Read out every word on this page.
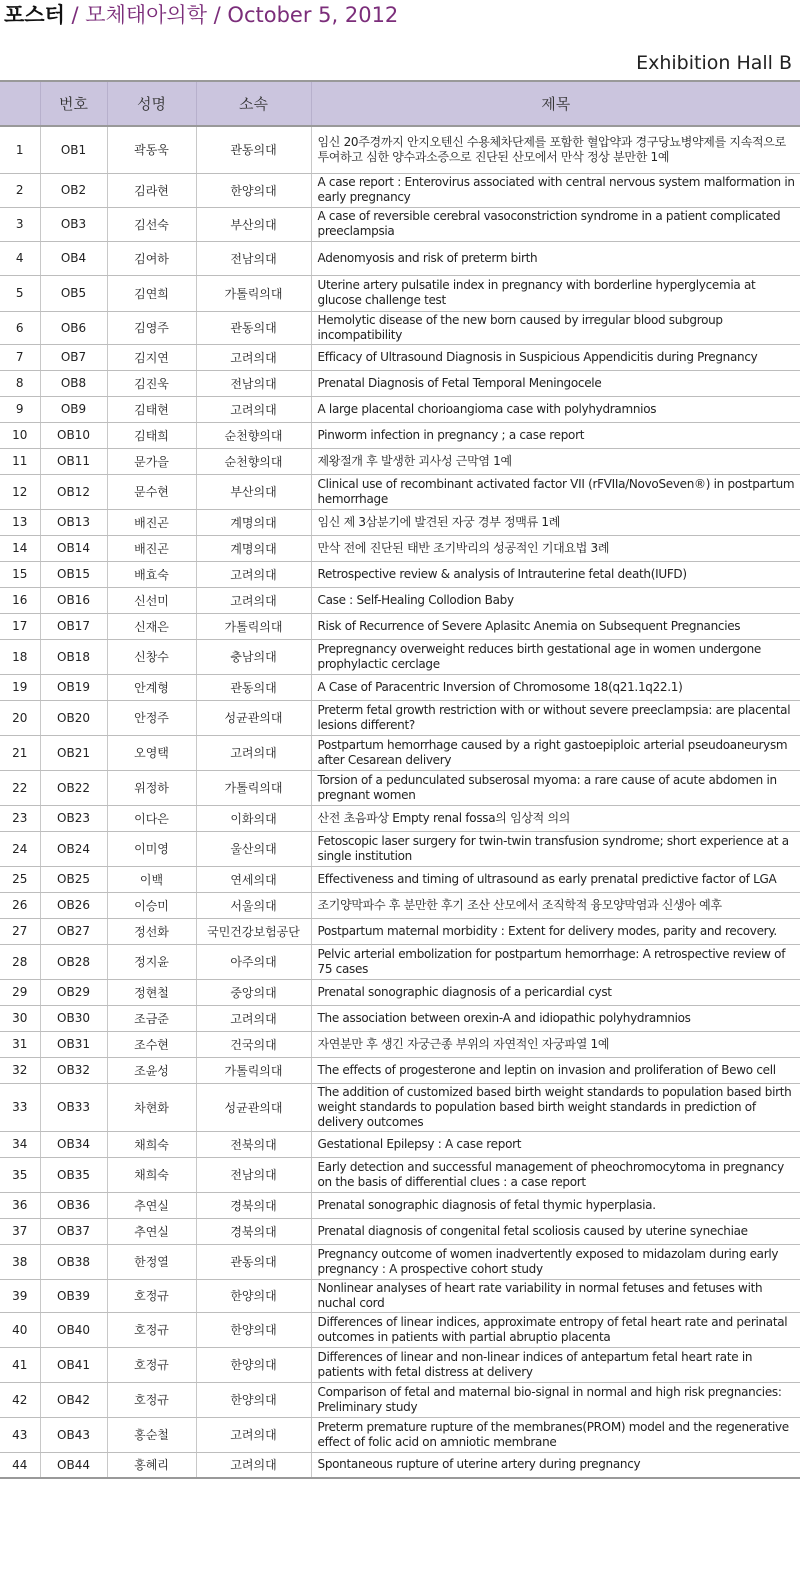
포스터 / 모체태아의학 / October 5, 2012
Exhibition Hall B
	번호	성명	소속	제목
1	OB1	곽동욱	관동의대	임신 20주경까지 안지오텐신 수용체차단제를 포함한 혈압약과 경구당뇨병약제를 지속적으로 투여하고 심한 양수과소증으로 진단된 산모에서 만삭 정상 분만한 1예
2	OB2	김라현	한양의대	A case report : Enterovirus associated with central nervous system malformation in early pregnancy
3	OB3	김선숙	부산의대	A case of reversible cerebral vasoconstriction syndrome in a patient complicated preeclampsia
4	OB4	김여하	전남의대	Adenomyosis and risk of preterm birth
5	OB5	김연희	가톨릭의대	Uterine artery pulsatile index in pregnancy with borderline hyperglycemia at glucose challenge test
6	OB6	김영주	관동의대	Hemolytic disease of the new born caused by irregular blood subgroup incompatibility
7	OB7	김지연	고려의대	Efficacy of Ultrasound Diagnosis in Suspicious Appendicitis during Pregnancy
8	OB8	김진욱	전남의대	Prenatal Diagnosis of Fetal Temporal Meningocele
9	OB9	김태현	고려의대	A large placental chorioangioma case with polyhydramnios
10	OB10	김태희	순천향의대	Pinworm infection in pregnancy ; a case report
11	OB11	문가을	순천향의대	제왕절개 후 발생한 괴사성 근막염 1예
12	OB12	문수현	부산의대	Clinical use of recombinant activated factor VII (rFVIIa/NovoSeven®) in postpartum hemorrhage
13	OB13	배진곤	계명의대	임신 제 3삼분기에 발견된 자궁 경부 정맥류 1례
14	OB14	배진곤	계명의대	만삭 전에 진단된 태반 조기박리의 성공적인 기대요법 3례
15	OB15	배효숙	고려의대	Retrospective review & analysis of Intrauterine fetal death(IUFD)
16	OB16	신선미	고려의대	Case : Self-Healing Collodion Baby
17	OB17	신재은	가톨릭의대	Risk of Recurrence of Severe Aplasitc Anemia on Subsequent Pregnancies
18	OB18	신창수	충남의대	Prepregnancy overweight reduces birth gestational age in women undergone prophylactic cerclage
19	OB19	안계형	관동의대	A Case of Paracentric Inversion of Chromosome 18(q21.1q22.1)
20	OB20	안정주	성균관의대	Preterm fetal growth restriction with or without severe preeclampsia: are placental lesions different?
21	OB21	오영택	고려의대	Postpartum hemorrhage caused by a right gastoepiploic arterial pseudoaneurysm after Cesarean delivery
22	OB22	위정하	가톨릭의대	Torsion of a pedunculated subserosal myoma: a rare cause of acute abdomen in pregnant women
23	OB23	이다은	이화의대	산전 초음파상 Empty renal fossa의 임상적 의의
24	OB24	이미영	울산의대	Fetoscopic laser surgery for twin-twin transfusion syndrome; short experience at a single institution
25	OB25	이백	연세의대	Effectiveness and timing of ultrasound as early prenatal predictive factor of LGA
26	OB26	이승미	서울의대	조기양막파수 후 분만한 후기 조산 산모에서 조직학적 융모양막염과 신생아 예후
27	OB27	정선화	국민건강보험공단	Postpartum maternal morbidity : Extent for delivery modes, parity and recovery.
28	OB28	정지윤	아주의대	Pelvic arterial embolization for postpartum hemorrhage: A retrospective review of 75 cases
29	OB29	정현철	중앙의대	Prenatal sonographic diagnosis of a pericardial cyst
30	OB30	조금준	고려의대	The association between orexin-A and idiopathic polyhydramnios
31	OB31	조수현	건국의대	자연분만 후 생긴 자궁근종 부위의 자연적인 자궁파열 1예
32	OB32	조윤성	가톨릭의대	The effects of progesterone and leptin on invasion and proliferation of Bewo cell
33	OB33	차현화	성균관의대	The addition of customized based birth weight standards to population based birth weight standards to population based birth weight standards in prediction of delivery outcomes
34	OB34	채희숙	전북의대	Gestational Epilepsy : A case report
35	OB35	채희숙	전남의대	Early detection and successful management of pheochromocytoma in pregnancy on the basis of differential clues : a case report
36	OB36	추연실	경북의대	Prenatal sonographic diagnosis of fetal thymic hyperplasia.
37	OB37	추연실	경북의대	Prenatal diagnosis of congenital fetal scoliosis caused by uterine synechiae
38	OB38	한정열	관동의대	Pregnancy outcome of women inadvertently exposed to midazolam during early pregnancy : A prospective cohort study
39	OB39	호정규	한양의대	Nonlinear analyses of heart rate variability in normal fetuses and fetuses with nuchal cord
40	OB40	호정규	한양의대	Differences of linear indices, approximate entropy of fetal heart rate and perinatal outcomes in patients with partial abruptio placenta
41	OB41	호정규	한양의대	Differences of linear and non-linear indices of antepartum fetal heart rate in patients with fetal distress at delivery
42	OB42	호정규	한양의대	Comparison of fetal and maternal bio-signal in normal and high risk pregnancies: Preliminary study
43	OB43	홍순철	고려의대	Preterm premature rupture of the membranes(PROM) model and the regenerative effect of folic acid on amniotic membrane
44	OB44	홍혜리	고려의대	Spontaneous rupture of uterine artery during pregnancy
